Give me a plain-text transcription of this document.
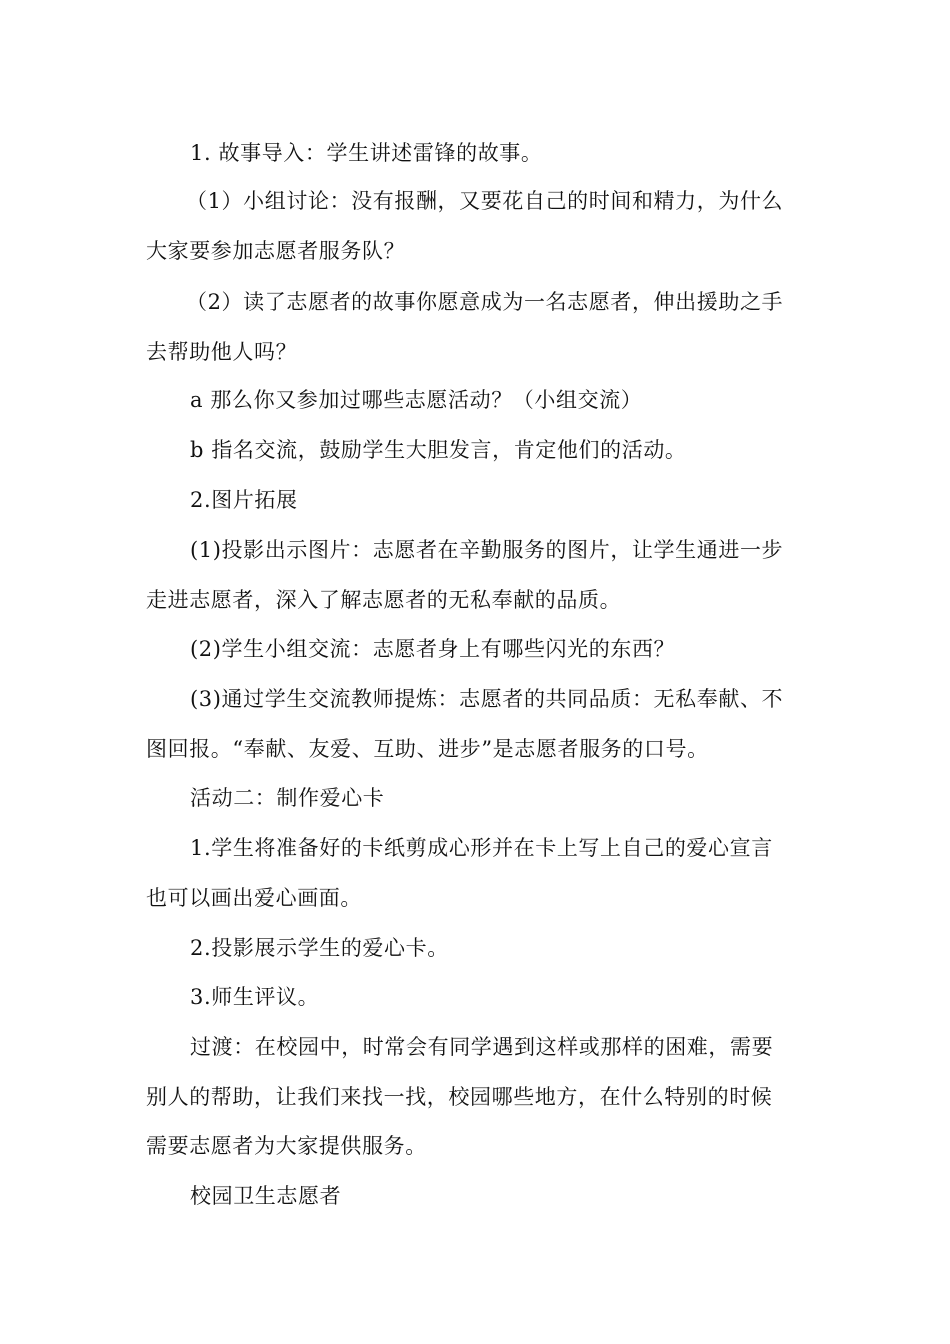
1. 故事导入：学生讲述雷锋的故事。
（1）小组讨论：没有报酬，又要花自己的时间和精力，为什么
大家要参加志愿者服务队？
（2）读了志愿者的故事你愿意成为一名志愿者，伸出援助之手
去帮助他人吗？
a 那么你又参加过哪些志愿活动？（小组交流）
b 指名交流，鼓励学生大胆发言，肯定他们的活动。
2.图片拓展
(1)投影出示图片：志愿者在辛勤服务的图片，让学生通进一步
走进志愿者，深入了解志愿者的无私奉献的品质。
(2)学生小组交流：志愿者身上有哪些闪光的东西？
(3)通过学生交流教师提炼：志愿者的共同品质：无私奉献、不
图回报。“奉献、友爱、互助、进步”是志愿者服务的口号。
活动二：制作爱心卡
1.学生将准备好的卡纸剪成心形并在卡上写上自己的爱心宣言
也可以画出爱心画面。
2.投影展示学生的爱心卡。
3.师生评议。
过渡：在校园中，时常会有同学遇到这样或那样的困难，需要
别人的帮助，让我们来找一找，校园哪些地方，在什么特别的时候
需要志愿者为大家提供服务。
校园卫生志愿者
